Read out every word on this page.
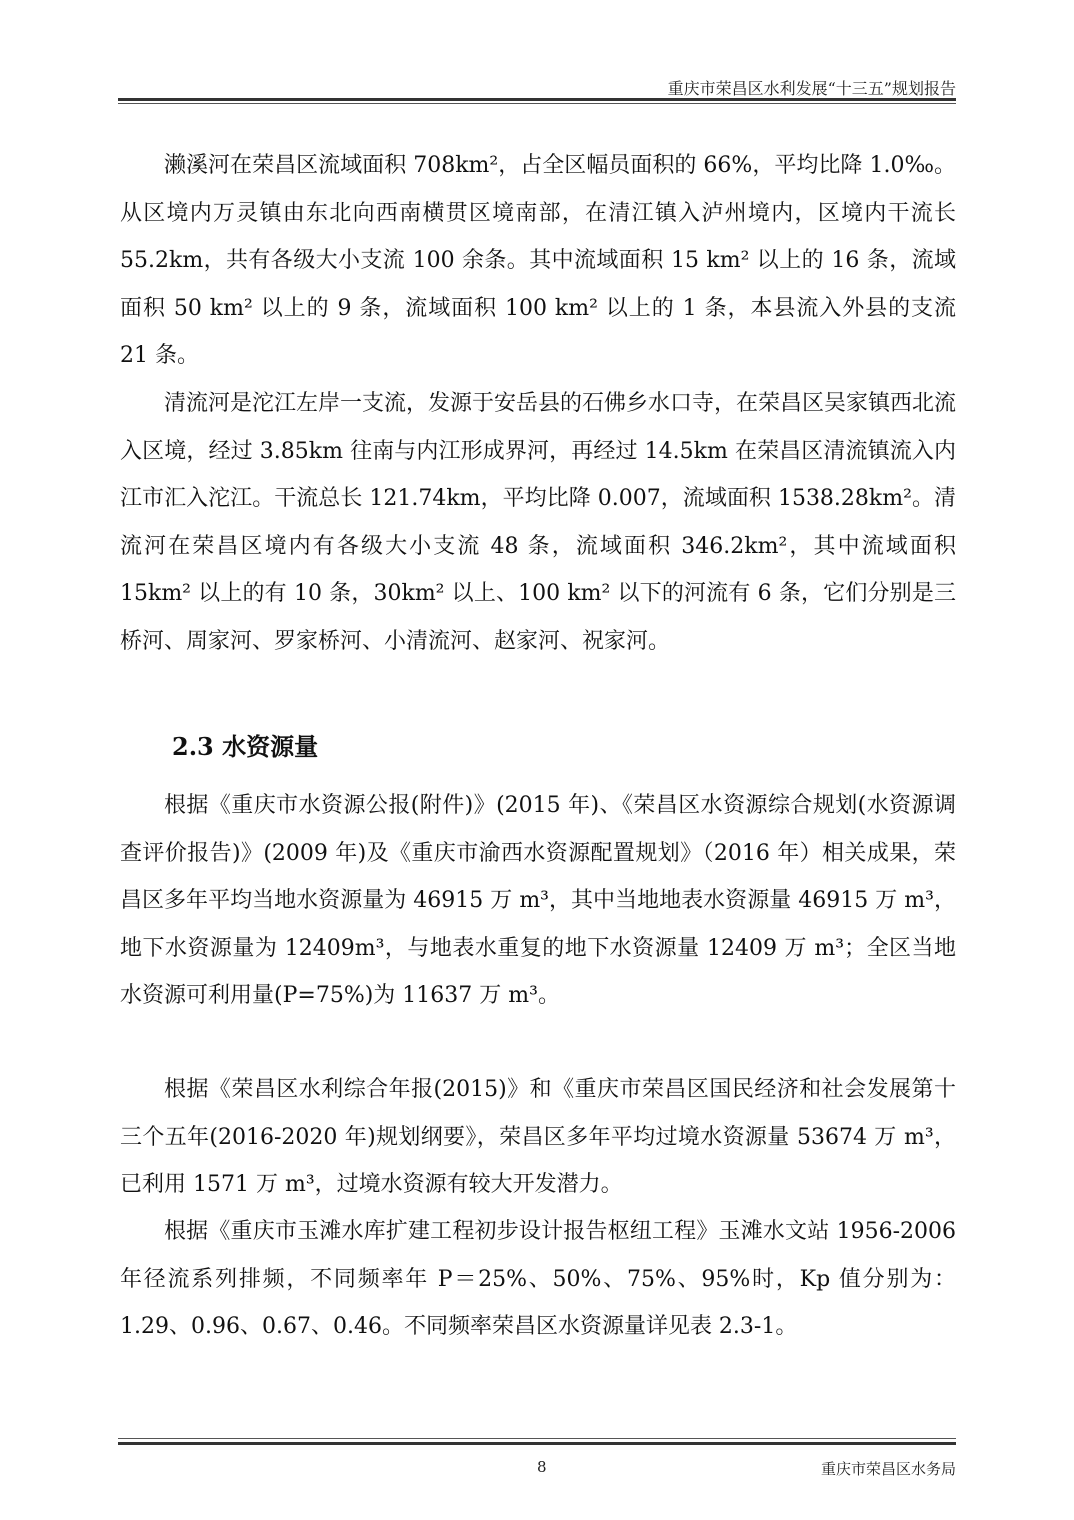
重庆市荣昌区水利发展“十三五”规划报告

濑溪河在荣昌区流域面积 708km²，占全区幅员面积的 66%，平均比降 1.0‰。从区境内万灵镇由东北向西南横贯区境南部，在清江镇入泸州境内，区境内干流长 55.2km，共有各级大小支流 100 余条。其中流域面积 15 km² 以上的 16 条，流域面积 50 km² 以上的 9 条，流域面积 100 km² 以上的 1 条，本县流入外县的支流 21 条。

清流河是沱江左岸一支流，发源于安岳县的石佛乡水口寺，在荣昌区吴家镇西北流入区境，经过 3.85km 往南与内江形成界河，再经过 14.5km 在荣昌区清流镇流入内江市汇入沱江。干流总长 121.74km，平均比降 0.007，流域面积 1538.28km²。清流河在荣昌区境内有各级大小支流 48 条，流域面积 346.2km²，其中流域面积 15km² 以上的有 10 条，30km² 以上、100 km² 以下的河流有 6 条，它们分别是三桥河、周家河、罗家桥河、小清流河、赵家河、祝家河。

2.3 水资源量

根据《重庆市水资源公报(附件)》(2015 年)、《荣昌区水资源综合规划(水资源调查评价报告)》(2009 年)及《重庆市渝西水资源配置规划》（2016 年）相关成果，荣昌区多年平均当地水资源量为 46915 万 m³，其中当地地表水资源量 46915 万 m³，地下水资源量为 12409m³，与地表水重复的地下水资源量 12409 万 m³；全区当地水资源可利用量(P=75%)为 11637 万 m³。

根据《荣昌区水利综合年报(2015)》和《重庆市荣昌区国民经济和社会发展第十三个五年(2016-2020 年)规划纲要》，荣昌区多年平均过境水资源量 53674 万 m³，已利用 1571 万 m³，过境水资源有较大开发潜力。

根据《重庆市玉滩水库扩建工程初步设计报告枢纽工程》玉滩水文站 1956-2006 年径流系列排频，不同频率年 P＝25%、50%、75%、95%时，Kp 值分别为：1.29、0.96、0.67、0.46。不同频率荣昌区水资源量详见表 2.3-1。

8	重庆市荣昌区水务局
